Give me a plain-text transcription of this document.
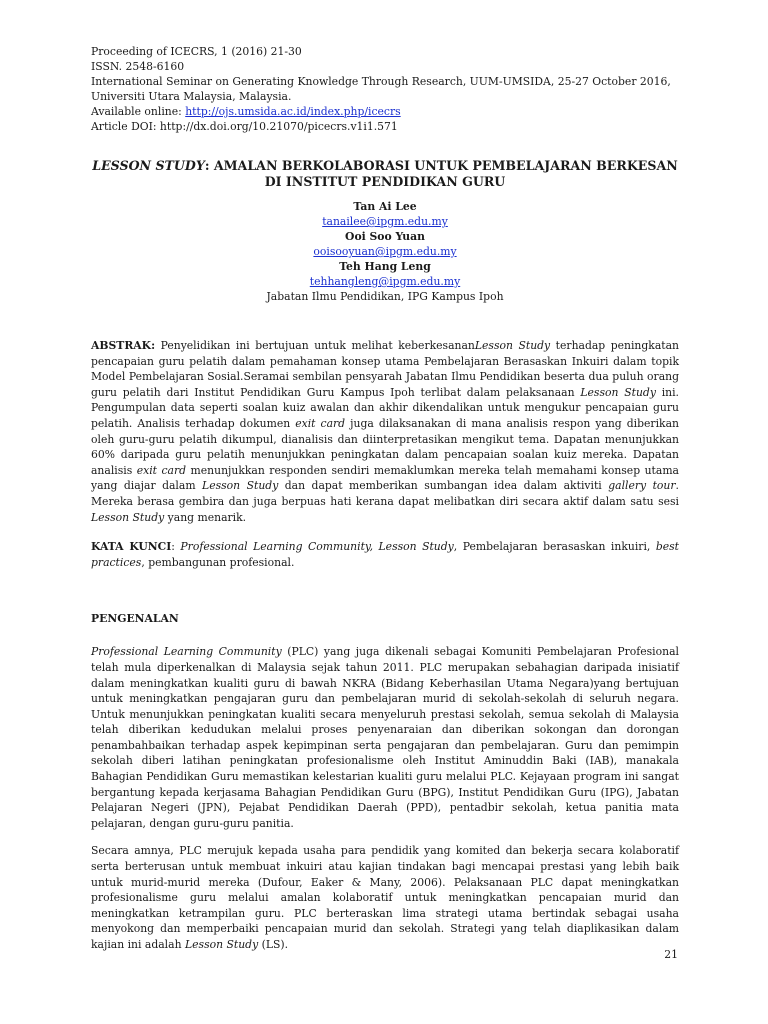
Proceeding of ICECRS, 1 (2016) 21-30
ISSN. 2548-6160
International Seminar on Generating Knowledge Through Research, UUM-UMSIDA, 25-27 October 2016, Universiti Utara Malaysia, Malaysia.
Available online: http://ojs.umsida.ac.id/index.php/icecrs
Article DOI: http://dx.doi.org/10.21070/picecrs.v1i1.571
LESSON STUDY: AMALAN BERKOLABORASI UNTUK PEMBELAJARAN BERKESAN DI INSTITUT PENDIDIKAN GURU
Tan Ai Lee
tanailee@ipgm.edu.my
Ooi Soo Yuan
ooisooyuan@ipgm.edu.my
Teh Hang Leng
tehhangleng@ipgm.edu.my
Jabatan Ilmu Pendidikan, IPG Kampus Ipoh
ABSTRAK: Penyelidikan ini bertujuan untuk melihat keberkesananLesson Study terhadap peningkatan pencapaian guru pelatih dalam pemahaman konsep utama Pembelajaran Berasaskan Inkuiri dalam topik Model Pembelajaran Sosial.Seramai sembilan pensyarah Jabatan Ilmu Pendidikan beserta dua puluh orang guru pelatih dari Institut Pendidikan Guru Kampus Ipoh terlibat dalam pelaksanaan Lesson Study ini. Pengumpulan data seperti soalan kuiz awalan dan akhir dikendalikan untuk mengukur pencapaian guru pelatih. Analisis terhadap dokumen exit card juga dilaksanakan di mana analisis respon yang diberikan oleh guru-guru pelatih dikumpul, dianalisis dan diinterpretasikan mengikut tema. Dapatan menunjukkan 60% daripada guru pelatih menunjukkan peningkatan dalam pencapaian soalan kuiz mereka. Dapatan analisis exit card menunjukkan responden sendiri memaklumkan mereka telah memahami konsep utama yang diajar dalam Lesson Study dan dapat memberikan sumbangan idea dalam aktiviti gallery tour. Mereka berasa gembira dan juga berpuas hati kerana dapat melibatkan diri secara aktif dalam satu sesi Lesson Study yang menarik.
KATA KUNCI: Professional Learning Community, Lesson Study, Pembelajaran berasaskan inkuiri, best practices, pembangunan profesional.
PENGENALAN
Professional Learning Community (PLC) yang juga dikenali sebagai Komuniti Pembelajaran Profesional telah mula diperkenalkan di Malaysia sejak tahun 2011. PLC merupakan sebahagian daripada inisiatif dalam meningkatkan kualiti guru di bawah NKRA (Bidang Keberhasilan Utama Negara)yang bertujuan untuk meningkatkan pengajaran guru dan pembelajaran murid di sekolah-sekolah di seluruh negara. Untuk menunjukkan peningkatan kualiti secara menyeluruh prestasi sekolah, semua sekolah di Malaysia telah diberikan kedudukan melalui proses penyenaraian dan diberikan sokongan dan dorongan penambahbaikan terhadap aspek kepimpinan serta pengajaran dan pembelajaran. Guru dan pemimpin sekolah diberi latihan peningkatan profesionalisme oleh Institut Aminuddin Baki (IAB), manakala Bahagian Pendidikan Guru memastikan kelestarian kualiti guru melalui PLC. Kejayaan program ini sangat bergantung kepada kerjasama Bahagian Pendidikan Guru (BPG), Institut Pendidikan Guru (IPG), Jabatan Pelajaran Negeri (JPN), Pejabat Pendidikan Daerah (PPD), pentadbir sekolah, ketua panitia mata pelajaran, dengan guru-guru panitia.
Secara amnya, PLC merujuk kepada usaha para pendidik yang komited dan bekerja secara kolaboratif serta berterusan untuk membuat inkuiri atau kajian tindakan bagi mencapai prestasi yang lebih baik untuk murid-murid mereka (Dufour, Eaker & Many, 2006). Pelaksanaan PLC dapat meningkatkan profesionalisme guru melalui amalan kolaboratif untuk meningkatkan pencapaian murid dan meningkatkan ketrampilan guru. PLC berteraskan lima strategi utama bertindak sebagai usaha menyokong dan memperbaiki pencapaian murid dan sekolah. Strategi yang telah diaplikasikan dalam kajian ini adalah Lesson Study (LS).
21
